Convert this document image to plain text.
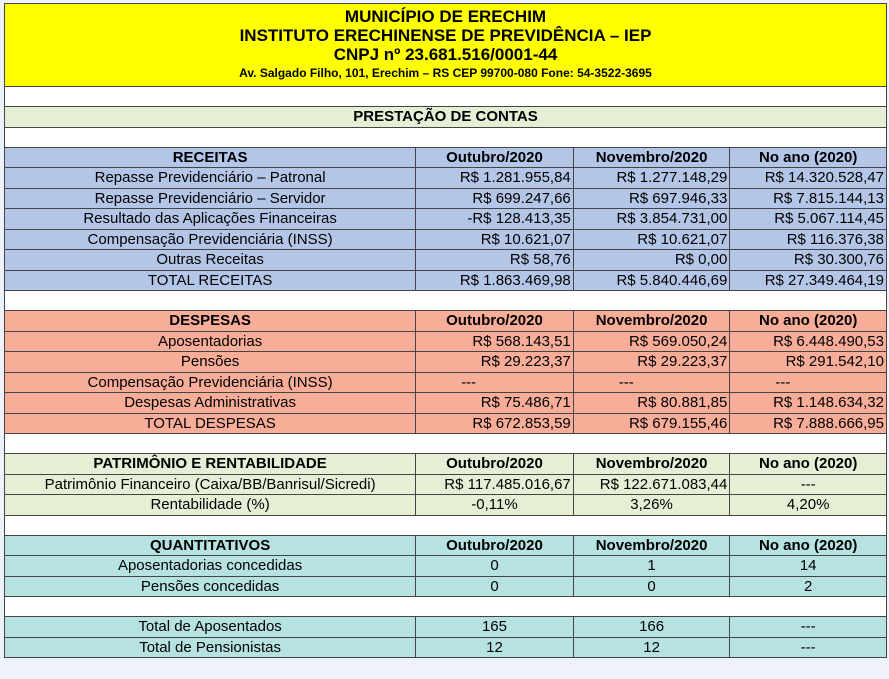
MUNICÍPIO DE ERECHIM
INSTITUTO ERECHINENSE DE PREVIDÊNCIA – IEP
CNPJ nº 23.681.516/0001-44
Av. Salgado Filho, 101, Erechim – RS CEP 99700-080 Fone: 54-3522-3695			

PRESTAÇÃO DE CONTAS			

RECEITAS	Outubro/2020	Novembro/2020	No ano (2020)
Repasse Previdenciário – Patronal	R$ 1.281.955,84	R$ 1.277.148,29	R$ 14.320.528,47
Repasse Previdenciário – Servidor	R$ 699.247,66	R$ 697.946,33	R$ 7.815.144,13
Resultado das Aplicações Financeiras	-R$ 128.413,35	R$ 3.854.731,00	R$ 5.067.114,45
Compensação Previdenciária (INSS)	R$ 10.621,07	R$ 10.621,07	R$ 116.376,38
Outras Receitas	R$ 58,76	R$ 0,00	R$ 30.300,76
TOTAL RECEITAS	R$ 1.863.469,98	R$ 5.840.446,69	R$ 27.349.464,19

DESPESAS	Outubro/2020	Novembro/2020	No ano (2020)
Aposentadorias	R$ 568.143,51	R$ 569.050,24	R$ 6.448.490,53
Pensões	R$ 29.223,37	R$ 29.223,37	R$ 291.542,10
Compensação Previdenciária (INSS)	---	---	---
Despesas Administrativas	R$ 75.486,71	R$ 80.881,85	R$ 1.148.634,32
TOTAL DESPESAS	R$ 672.853,59	R$ 679.155,46	R$ 7.888.666,95

PATRIMÔNIO E RENTABILIDADE	Outubro/2020	Novembro/2020	No ano (2020)
Patrimônio Financeiro (Caixa/BB/Banrisul/Sicredi)	R$ 117.485.016,67	R$ 122.671.083,44	---
Rentabilidade (%)	-0,11%	3,26%	4,20%

QUANTITATIVOS	Outubro/2020	Novembro/2020	No ano (2020)
Aposentadorias concedidas	0	1	14
Pensões concedidas	0	0	2

Total de Aposentados	165	166	---
Total de Pensionistas	12	12	---
